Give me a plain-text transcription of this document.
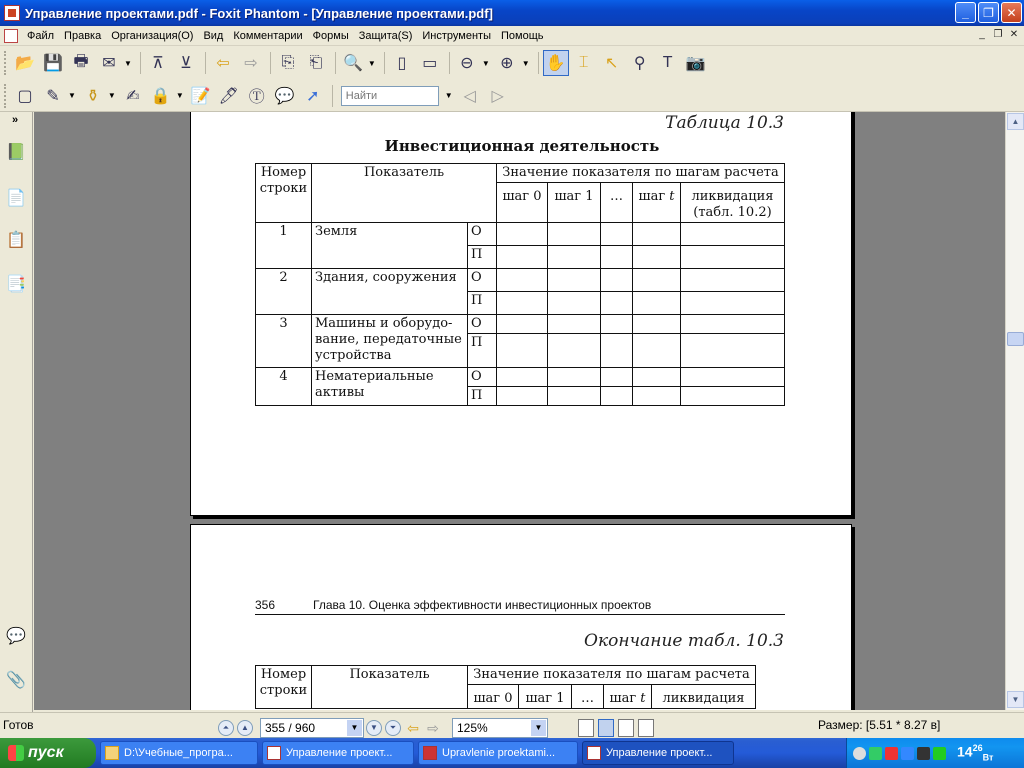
Управление проектами.pdf - Foxit Phantom - [Управление проектами.pdf]	_	❐	✕
Файл Правка Организация(O) Вид Комментарии Формы Защита(S) Инструменты Помощь	_ ❐ ✕
📂 💾 🖶 ✉	▼	⊼	⊻	⇦ ⇨	⎘ ⎗	🔍 ▼	▯	▭	⊖	▼ ⊕	▼ ✋ ⌶	↖ ⚲	T 📷
▢ ✎	▼ ⚱	▼ ✍ 🔒 ▼ 📝 🖊 Ⓣ 💬 ➚
Найти	▼ ◁ ▷
»
📗
📄
📋
📑
💬
📎
Таблица 10.3
Инвестиционная деятельность
Номер строки	Показатель		Значение показателя по шагам расчета				
			шаг 0	шаг 1	…	шаг t	ликвидация (табл. 10.2)
1	Земля	О					
		П					
2	Здания, сооружения	О					
		П					
3	Машины и оборудо-вание, передаточные устройства	О					
		П					
4	Нематериальные активы	О					
		П					
356	Глава 10. Оценка эффективности инвестиционных проектов
Окончание табл. 10.3
Номер строки	Показатель	Значение показателя по шагам расчета				
		шаг 0	шаг 1	…	шаг t	ликвидация
▲
▼
Готов	⏶	▲	355 / 960	▼	▼	⏷ ⇦ ⇨	125%	▼	Размер: [5.51 * 8.27 в]
пуск	D:\Учебные_програ...	Управление проект...	Upravlenie proektami...	Управление проект...	$14^{26}_{Вт}$
